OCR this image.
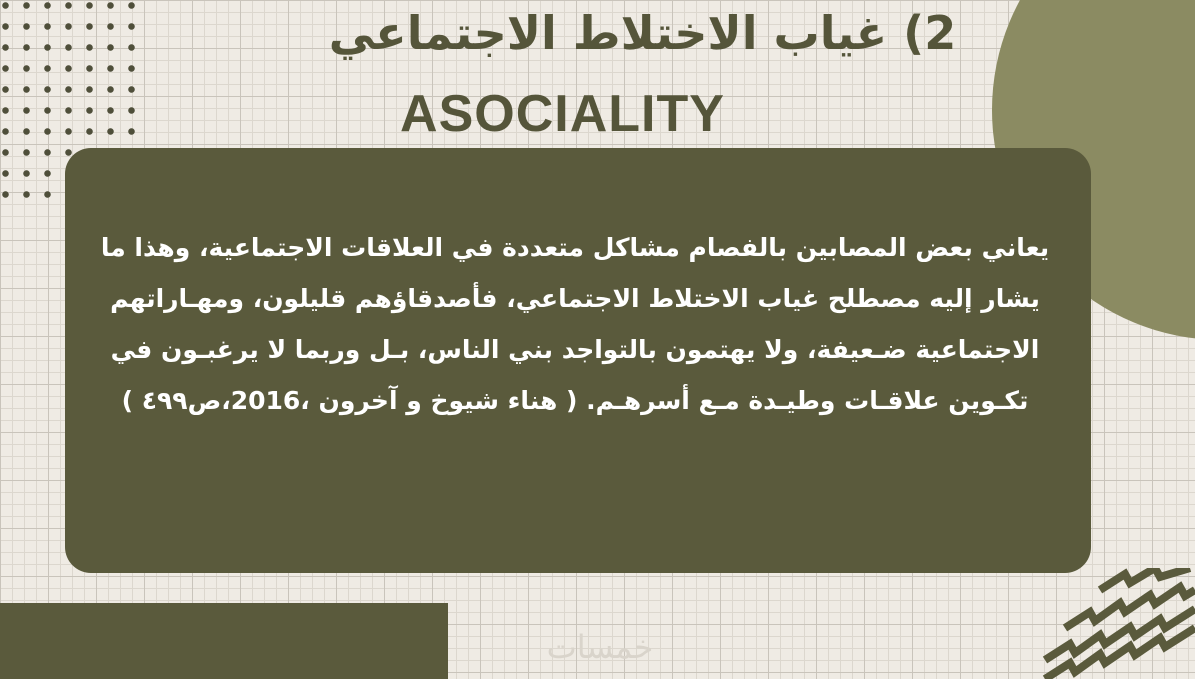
2) غياب الاختلاط الاجتماعي
ASOCIALITY

يعاني بعض المصابين بالفصام مشاكل متعددة في العلاقات الاجتماعية، وهذا ما يشار إليه مصطلح غياب الاختلاط الاجتماعي، فأصدقاؤهم قليلون، ومهـاراتهم الاجتماعية ضـعيفة، ولا يهتمون بالتواجد بني الناس، بـل وربما لا يرغبـون في تكـوين علاقـات وطيـدة مـع أسرهـم. ( هناء شيوخ و آخرون ،2016،ص٤٩٩ )

خمسات
